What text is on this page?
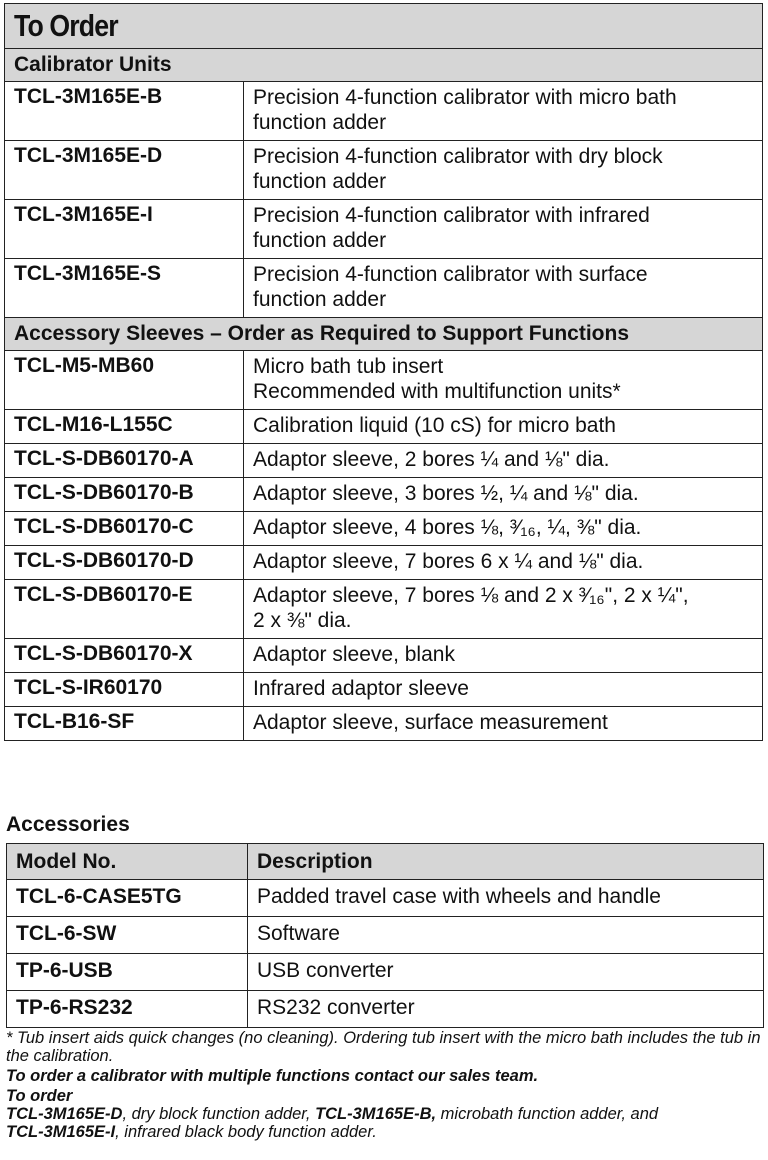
To Order	
Calibrator Units	
TCL-3M165E-B	Precision 4-function calibrator with micro bath
function adder
TCL-3M165E-D	Precision 4-function calibrator with dry block
function adder
TCL-3M165E-I	Precision 4-function calibrator with infrared
function adder
TCL-3M165E-S	Precision 4-function calibrator with surface
function adder
Accessory Sleeves – Order as Required to Support Functions	
TCL-M5-MB60	Micro bath tub insert
Recommended with multifunction units*
TCL-M16-L155C	Calibration liquid (10 cS) for micro bath
TCL-S-DB60170-A	Adaptor sleeve, 2 bores ¼ and ⅛" dia.
TCL-S-DB60170-B	Adaptor sleeve, 3 bores ½, ¼ and ⅛" dia.
TCL-S-DB60170-C	Adaptor sleeve, 4 bores ⅛, ³⁄₁₆, ¼, ⅜" dia.
TCL-S-DB60170-D	Adaptor sleeve, 7 bores 6 x ¼ and ⅛" dia.
TCL-S-DB60170-E	Adaptor sleeve, 7 bores ⅛ and 2 x ³⁄₁₆", 2 x ¼",
2 x ⅜" dia.
TCL-S-DB60170-X	Adaptor sleeve, blank
TCL-S-IR60170	Infrared adaptor sleeve
TCL-B16-SF	Adaptor sleeve, surface measurement
Accessories
Model No.	Description
TCL-6-CASE5TG	Padded travel case with wheels and handle
TCL-6-SW	Software
TP-6-USB	USB converter
TP-6-RS232	RS232 converter

* Tub insert aids quick changes (no cleaning). Ordering tub insert with the micro bath includes the tub in the calibration.

To order a calibrator with multiple functions contact our sales team.

To order

TCL-3M165E-D, dry block function adder, TCL-3M165E-B, microbath function adder, and
TCL-3M165E-I, infrared black body function adder.
